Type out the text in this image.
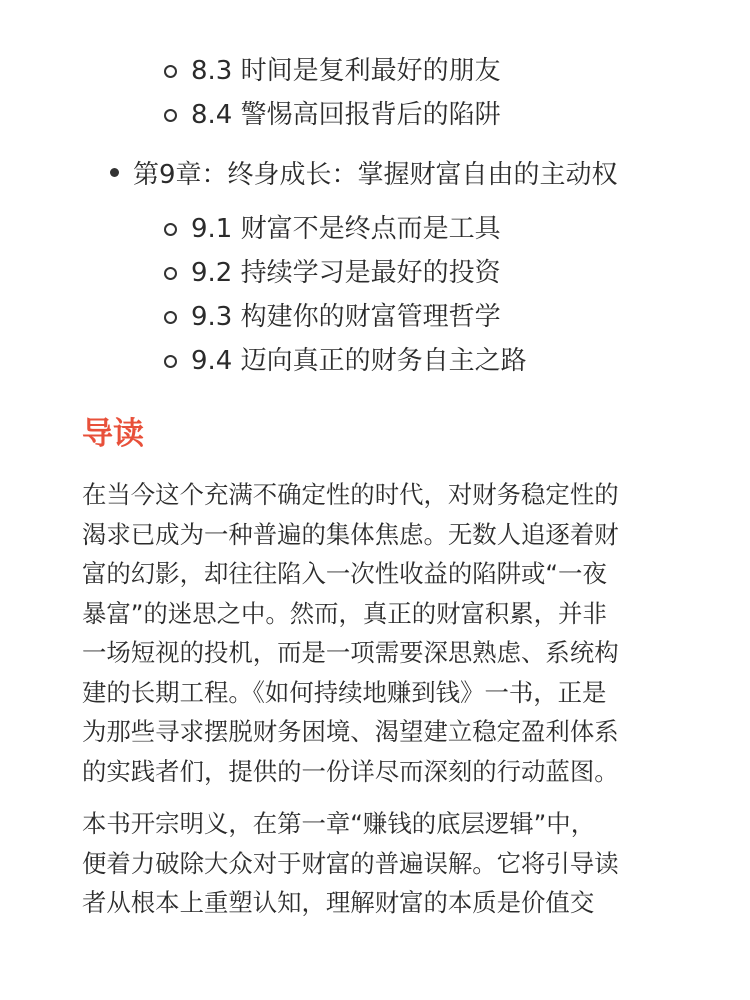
8.3 时间是复利最好的朋友
8.4 警惕高回报背后的陷阱
第9章：终身成长：掌握财富自由的主动权
9.1 财富不是终点而是工具
9.2 持续学习是最好的投资
9.3 构建你的财富管理哲学
9.4 迈向真正的财务自主之路
导读

在当今这个充满不确定性的时代，对财务稳定性的
渴求已成为一种普遍的集体焦虑。无数人追逐着财
富的幻影，却往往陷入一次性收益的陷阱或“一夜
暴富”的迷思之中。然而，真正的财富积累，并非
一场短视的投机，而是一项需要深思熟虑、系统构
建的长期工程。《如何持续地赚到钱》一书，正是
为那些寻求摆脱财务困境、渴望建立稳定盈利体系
的实践者们，提供的一份详尽而深刻的行动蓝图。

本书开宗明义，在第一章“赚钱的底层逻辑”中，
便着力破除大众对于财富的普遍误解。它将引导读
者从根本上重塑认知，理解财富的本质是价值交
